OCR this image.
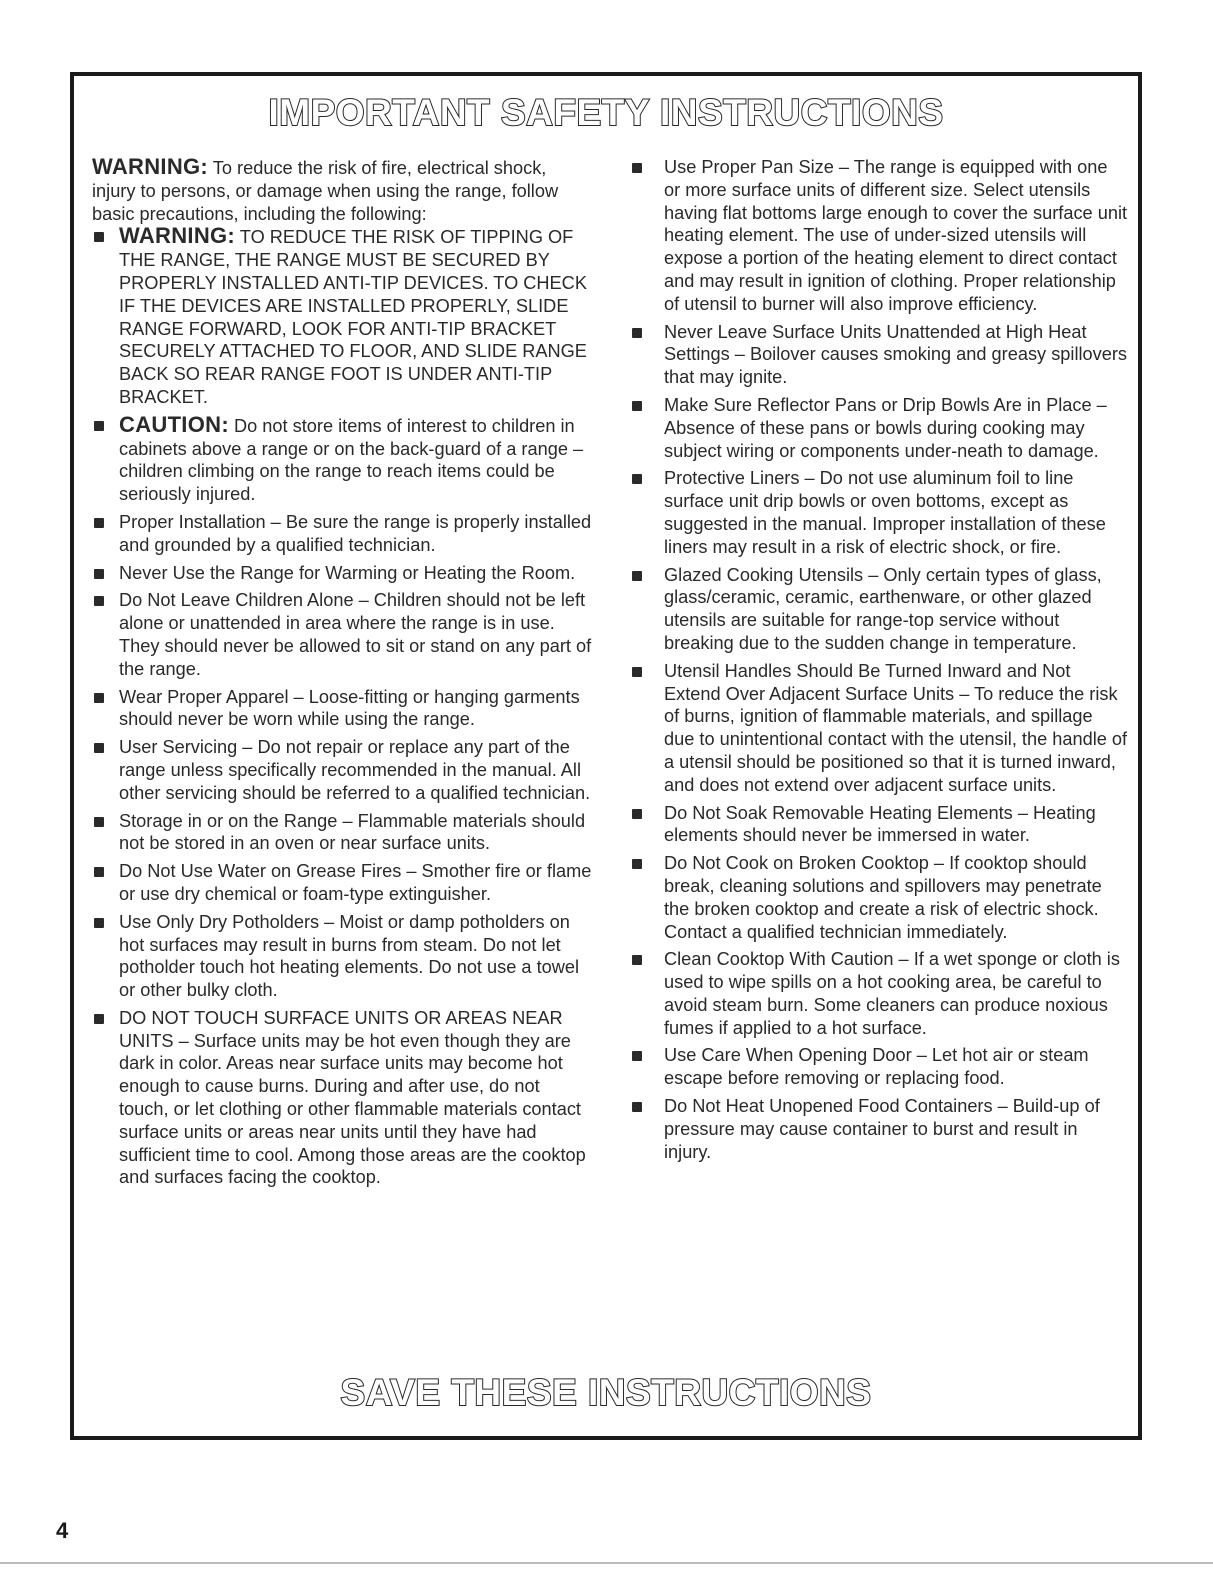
IMPORTANT SAFETY INSTRUCTIONS

WARNING: To reduce the risk of fire, electrical shock, injury to persons, or damage when using the range, follow basic precautions, including the following:

WARNING: TO REDUCE THE RISK OF TIPPING OF THE RANGE, THE RANGE MUST BE SECURED BY PROPERLY INSTALLED ANTI-TIP DEVICES. TO CHECK IF THE DEVICES ARE INSTALLED PROPERLY, SLIDE RANGE FORWARD, LOOK FOR ANTI-TIP BRACKET SECURELY ATTACHED TO FLOOR, AND SLIDE RANGE BACK SO REAR RANGE FOOT IS UNDER ANTI-TIP BRACKET.
CAUTION: Do not store items of interest to children in cabinets above a range or on the back-guard of a range – children climbing on the range to reach items could be seriously injured.
Proper Installation – Be sure the range is properly installed and grounded by a qualified technician.
Never Use the Range for Warming or Heating the Room.
Do Not Leave Children Alone – Children should not be left alone or unattended in area where the range is in use. They should never be allowed to sit or stand on any part of the range.
Wear Proper Apparel – Loose-fitting or hanging garments should never be worn while using the range.
User Servicing – Do not repair or replace any part of the range unless specifically recommended in the manual. All other servicing should be referred to a qualified technician.
Storage in or on the Range – Flammable materials should not be stored in an oven or near surface units.
Do Not Use Water on Grease Fires – Smother fire or flame or use dry chemical or foam-type extinguisher.
Use Only Dry Potholders – Moist or damp potholders on hot surfaces may result in burns from steam. Do not let potholder touch hot heating elements. Do not use a towel or other bulky cloth.
DO NOT TOUCH SURFACE UNITS OR AREAS NEAR UNITS – Surface units may be hot even though they are dark in color. Areas near surface units may become hot enough to cause burns. During and after use, do not touch, or let clothing or other flammable materials contact surface units or areas near units until they have had sufficient time to cool. Among those areas are the cooktop and surfaces facing the cooktop.
Use Proper Pan Size – The range is equipped with one or more surface units of different size. Select utensils having flat bottoms large enough to cover the surface unit heating element. The use of under-sized utensils will expose a portion of the heating element to direct contact and may result in ignition of clothing. Proper relationship of utensil to burner will also improve efficiency.
Never Leave Surface Units Unattended at High Heat Settings – Boilover causes smoking and greasy spillovers that may ignite.
Make Sure Reflector Pans or Drip Bowls Are in Place – Absence of these pans or bowls during cooking may subject wiring or components under-neath to damage.
Protective Liners – Do not use aluminum foil to line surface unit drip bowls or oven bottoms, except as suggested in the manual. Improper installation of these liners may result in a risk of electric shock, or fire.
Glazed Cooking Utensils – Only certain types of glass, glass/ceramic, ceramic, earthenware, or other glazed utensils are suitable for range-top service without breaking due to the sudden change in temperature.
Utensil Handles Should Be Turned Inward and Not Extend Over Adjacent Surface Units – To reduce the risk of burns, ignition of flammable materials, and spillage due to unintentional contact with the utensil, the handle of a utensil should be positioned so that it is turned inward, and does not extend over adjacent surface units.
Do Not Soak Removable Heating Elements – Heating elements should never be immersed in water.
Do Not Cook on Broken Cooktop – If cooktop should break, cleaning solutions and spillovers may penetrate the broken cooktop and create a risk of electric shock. Contact a qualified technician immediately.
Clean Cooktop With Caution – If a wet sponge or cloth is used to wipe spills on a hot cooking area, be careful to avoid steam burn. Some cleaners can produce noxious fumes if applied to a hot surface.
Use Care When Opening Door – Let hot air or steam escape before removing or replacing food.
Do Not Heat Unopened Food Containers – Build-up of pressure may cause container to burst and result in injury.
SAVE THESE INSTRUCTIONS
4
